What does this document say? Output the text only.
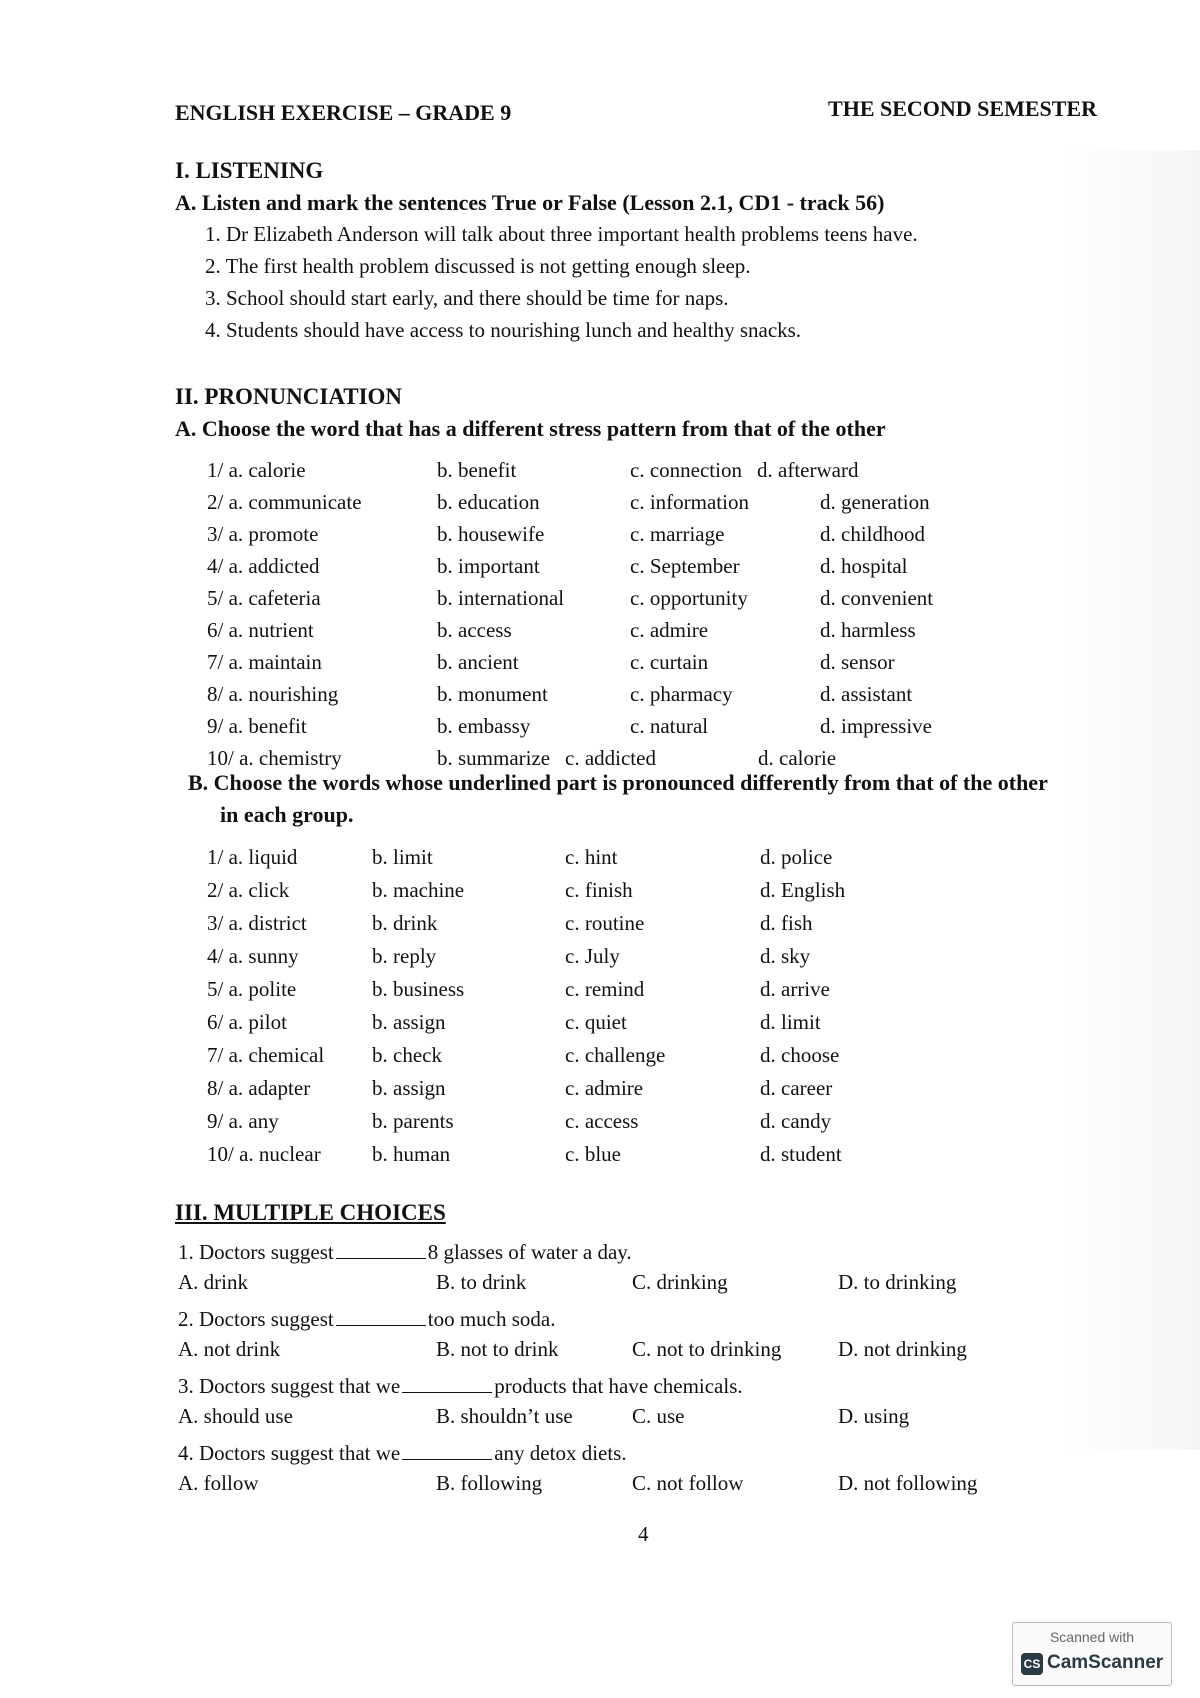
ENGLISH EXERCISE – GRADE 9	THE SECOND SEMESTER
I. LISTENING
A. Listen and mark the sentences True or False (Lesson 2.1, CD1 - track 56)
1. Dr Elizabeth Anderson will talk about three important health problems teens have.
2. The first health problem discussed is not getting enough sleep.
3. School should start early, and there should be time for naps.
4. Students should have access to nourishing lunch and healthy snacks.
II. PRONUNCIATION
A. Choose the word that has a different stress pattern from that of the other
1/ a. calorie	b. benefit	c. connection d. afterward
2/ a. communicate	b. education	c. information	d. generation
3/ a. promote	b. housewife	c. marriage	d. childhood
4/ a. addicted	b. important	c. September	d. hospital
5/ a. cafeteria	b. international	c. opportunity	d. convenient
6/ a. nutrient	b. access	c. admire	d. harmless
7/ a. maintain	b. ancient	c. curtain	d. sensor
8/ a. nourishing	b. monument	c. pharmacy	d. assistant
9/ a. benefit	b. embassy	c. natural	d. impressive
10/ a. chemistry	b. summarize c. addicted	d. calorie
B. Choose the words whose underlined part is pronounced differently from that of the other
in each group.
1/ a. liquid	b. limit	c. hint	d. police
2/ a. click	b. machine	c. finish	d. English
3/ a. district	b. drink	c. routine	d. fish
4/ a. sunny	b. reply	c. July	d. sky
5/ a. polite	b. business	c. remind	d. arrive
6/ a. pilot	b. assign	c. quiet	d. limit
7/ a. chemical b. check	c. challenge	d. choose
8/ a. adapter	b. assign	c. admire	d. career
9/ a. any	b. parents	c. access	d. candy
10/ a. nuclear b. human	c. blue	d. student
III. MULTIPLE CHOICES
1. Doctors suggest	8 glasses of water a day.
A. drink	B. to drink	C. drinking	D. to drinking
2. Doctors suggest	too much soda.
A. not drink	B. not to drink	C. not to drinking	D. not drinking
3. Doctors suggest that we	products that have chemicals.
A. should use	B. shouldn’t use	C. use	D. using
4. Doctors suggest that we	any detox diets.
A. follow	B. following	C. not follow	D. not following
4
Scanned with
CS CamScanner
